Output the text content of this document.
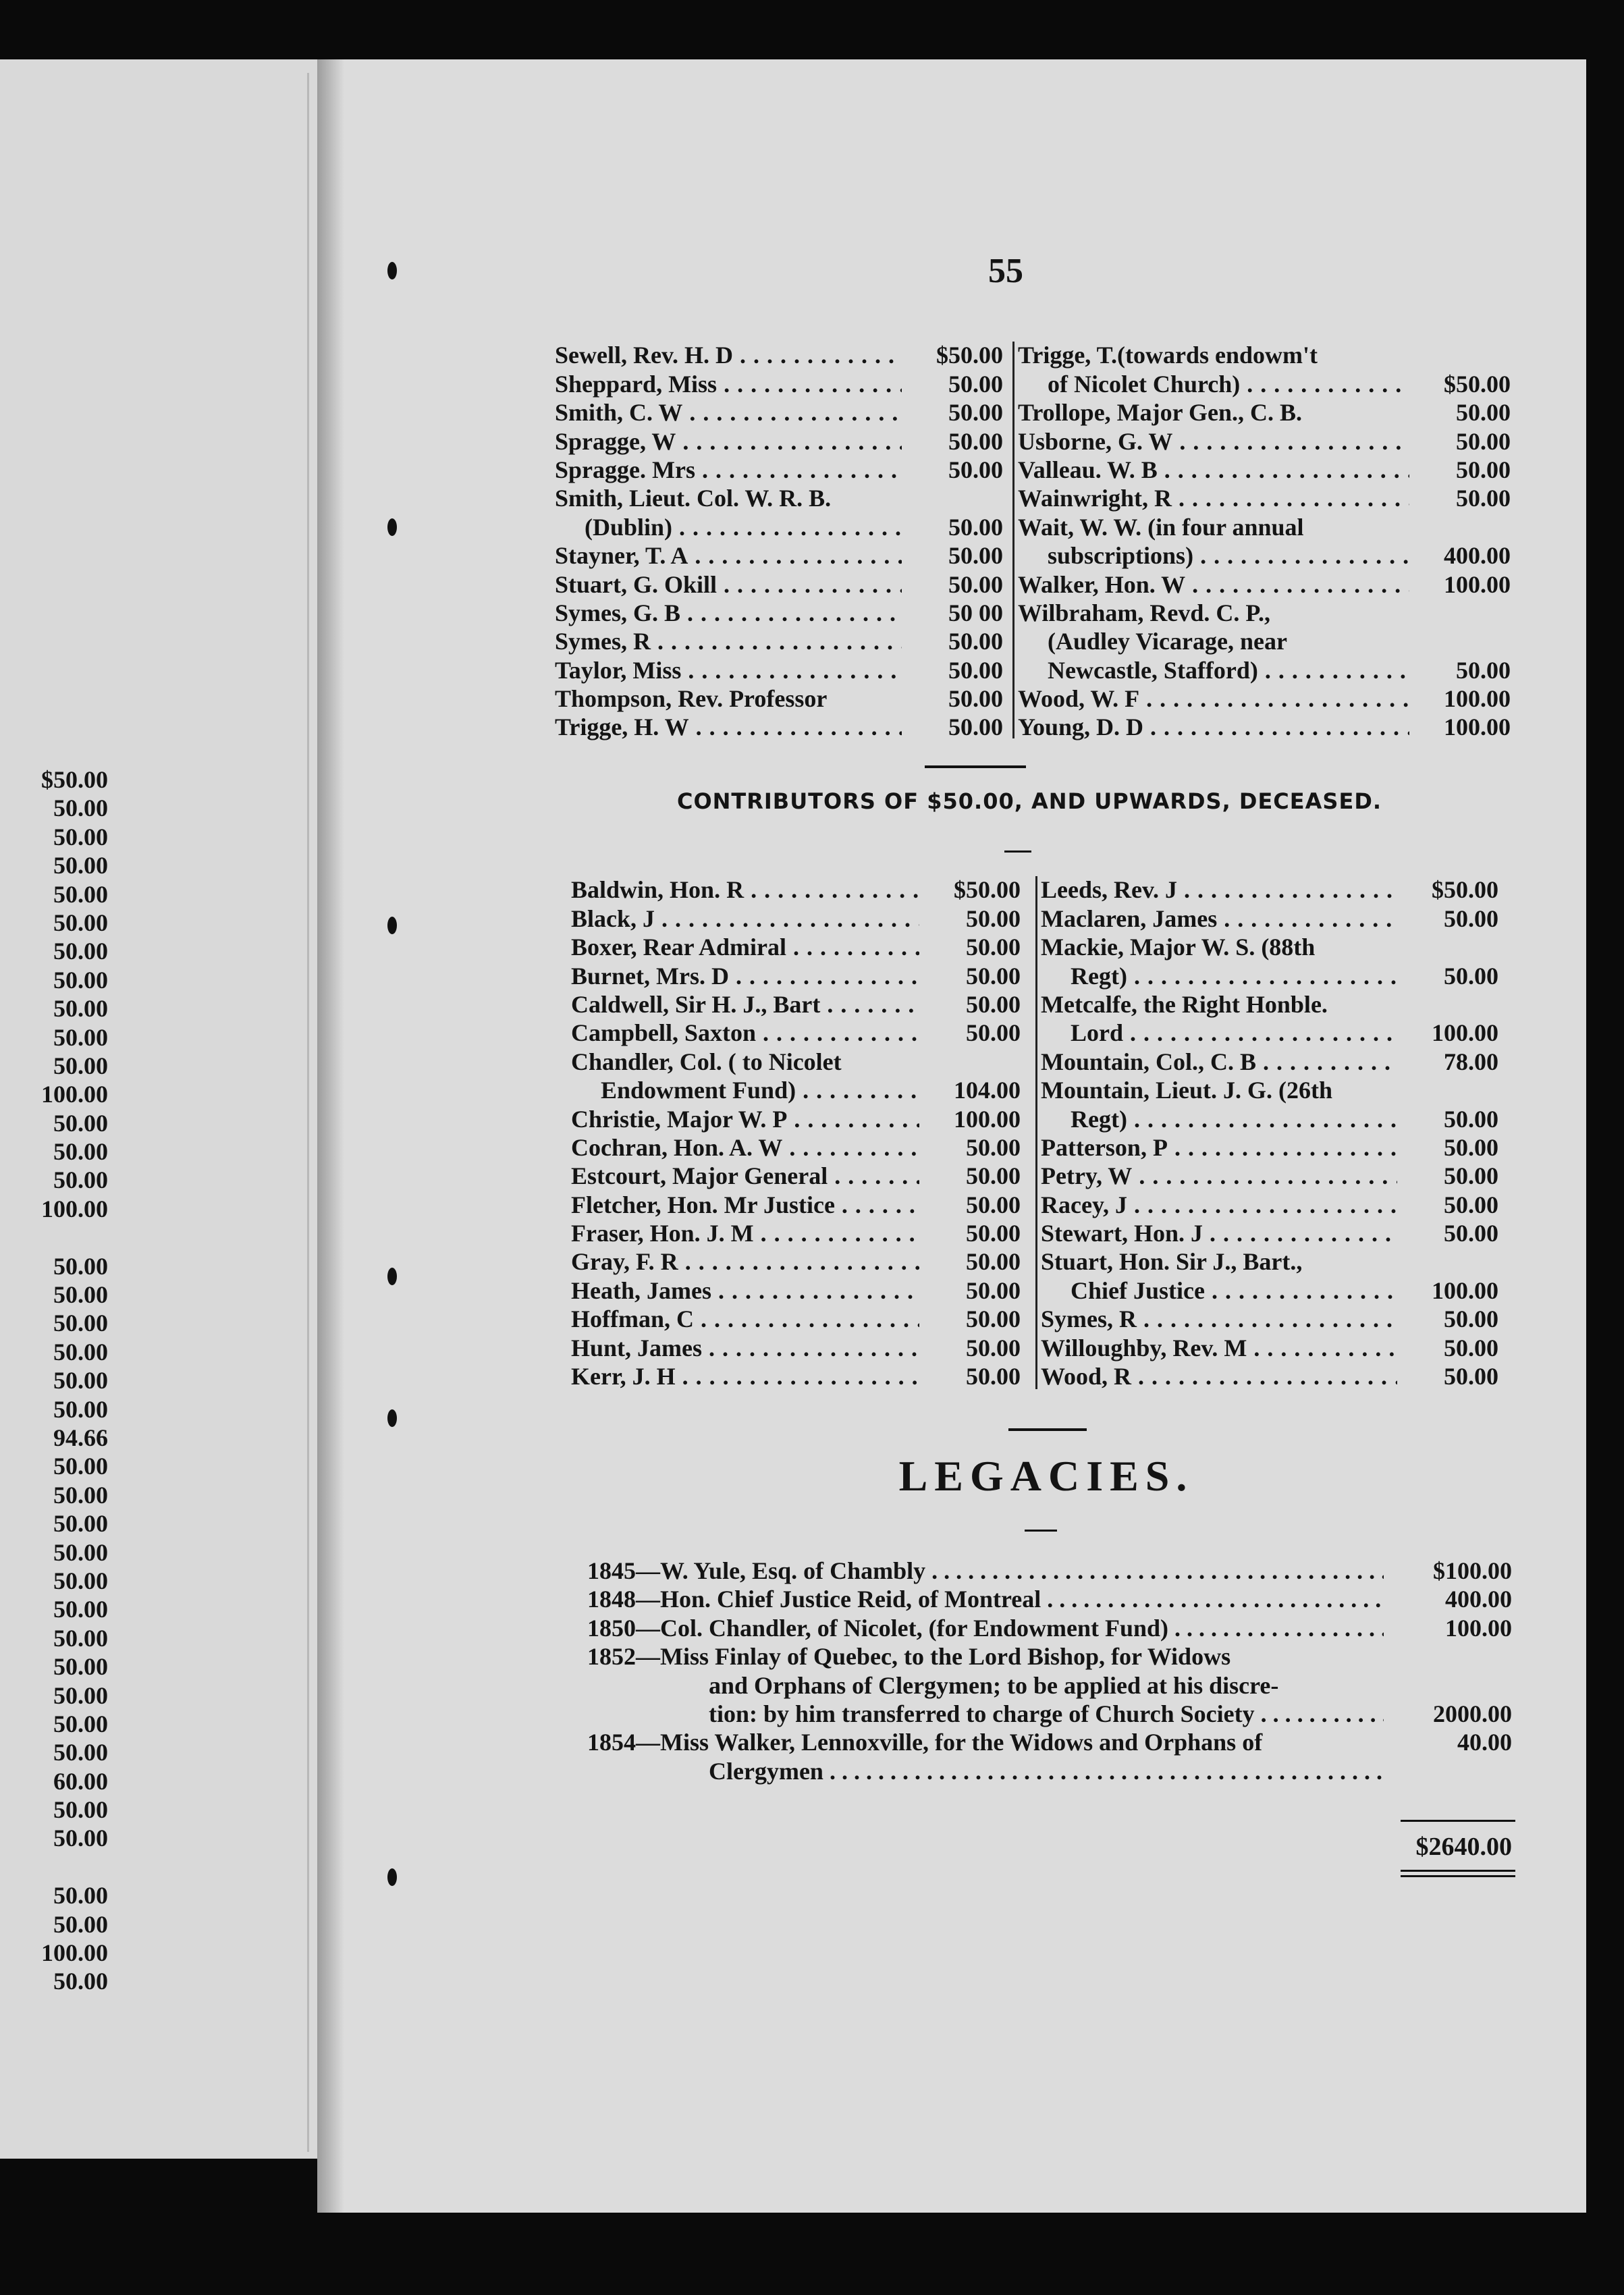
$50.00
50.00
50.00
50.00
50.00
50.00
50.00
50.00
50.00
50.00
50.00
100.00
50.00
50.00
50.00
100.00
50.00
50.00
50.00
50.00
50.00
50.00
94.66
50.00
50.00
50.00
50.00
50.00
50.00
50.00
50.00
50.00
50.00
50.00
60.00
50.00
50.00
50.00
50.00
100.00
50.00
55
Sewell, Rev. H. D . . .	$50.00
Sheppard, Miss . . .	50.00
Smith, C. W . . .	50.00
Spragge, W . . .	50.00
Spragge. Mrs . . .	50.00
Smith, Lieut. Col. W. R. B.
(Dublin) . . .	50.00
Stayner, T. A . . .	50.00
Stuart, G. Okill . . .	50.00
Symes, G. B . . .	50 00
Symes, R . . .	50.00
Taylor, Miss . . .	50.00
Thompson, Rev. Professor	50.00
Trigge, H. W . . .	50.00
Trigge, T.(towards endowm't
of Nicolet Church) . . .	$50.00
Trollope, Major Gen., C. B.	50.00
Usborne, G. W . . .	50.00
Valleau. W. B . . .	50.00
Wainwright, R . . .	50.00
Wait, W. W. (in four annual
subscriptions) . . .	400.00
Walker, Hon. W . . .	100.00
Wilbraham, Revd. C. P.,
(Audley Vicarage, near
Newcastle, Stafford) . . .	50.00
Wood, W. F . . .	100.00
Young, D. D . . .	100.00
CONTRIBUTORS OF $50.00, AND UPWARDS, DECEASED.
Baldwin, Hon. R . . .	$50.00
Black, J . . .	50.00
Boxer, Rear Admiral . . .	50.00
Burnet, Mrs. D . . .	50.00
Caldwell, Sir H. J., Bart . . .	50.00
Campbell, Saxton . . .	50.00
Chandler, Col. ( to Nicolet
Endowment Fund) . . .	104.00
Christie, Major W. P . . .	100.00
Cochran, Hon. A. W . . .	50.00
Estcourt, Major General . . .	50.00
Fletcher, Hon. Mr Justice . . .	50.00
Fraser, Hon. J. M . . .	50.00
Gray, F. R . . .	50.00
Heath, James . . .	50.00
Hoffman, C . . .	50.00
Hunt, James . . .	50.00
Kerr, J. H . . .	50.00
Leeds, Rev. J . . .	$50.00
Maclaren, James . . .	50.00
Mackie, Major W. S. (88th
Regt) . . .	50.00
Metcalfe, the Right Honble.
Lord . . .	100.00
Mountain, Col., C. B . . .	78.00
Mountain, Lieut. J. G. (26th
Regt) . . .	50.00
Patterson, P . . .	50.00
Petry, W . . .	50.00
Racey, J . . .	50.00
Stewart, Hon. J . . .	50.00
Stuart, Hon. Sir J., Bart.,
Chief Justice . . .	100.00
Symes, R . . .	50.00
Willoughby, Rev. M . . .	50.00
Wood, R . . .	50.00
LEGACIES.
1845—W. Yule, Esq. of Chambly . . .	$100.00
1848—Hon. Chief Justice Reid, of Montreal . . .	400.00
1850—Col. Chandler, of Nicolet, (for Endowment Fund) . . .	100.00
1852—Miss Finlay of Quebec, to the Lord Bishop, for Widows
and Orphans of Clergymen; to be applied at his discre-
tion: by him transferred to charge of Church Society . . .	2000.00
1854—Miss Walker, Lennoxville, for the Widows and Orphans of	40.00
Clergymen . . .
$2640.00
